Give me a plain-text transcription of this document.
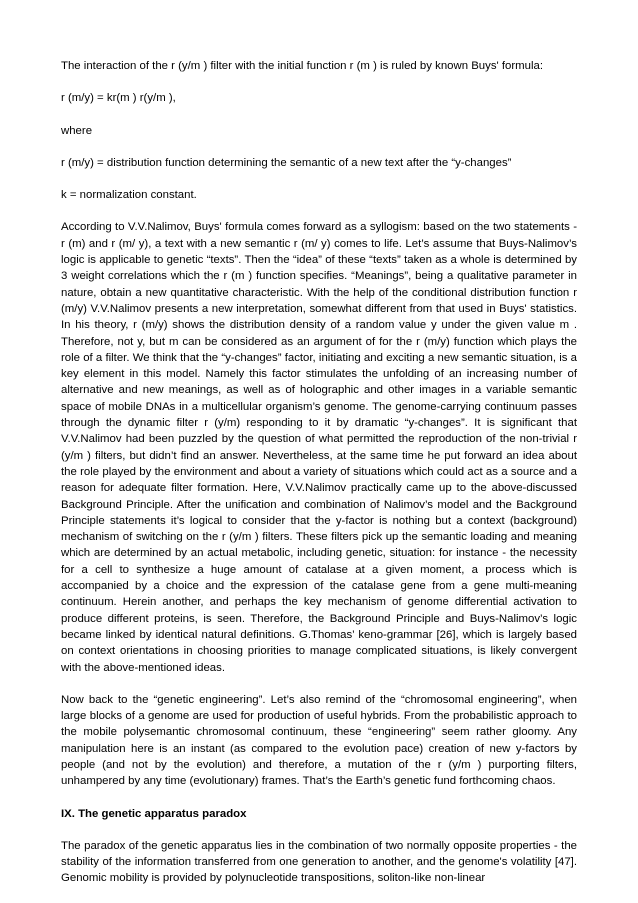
The interaction of the r (y/m ) filter with the initial function r (m ) is ruled by known Buys' formula:

r (m/y) = kr(m ) r(y/m ),

where

r (m/y) = distribution function determining the semantic of a new text after the “y-changes”

k = normalization constant.

According to V.V.Nalimov, Buys' formula comes forward as a syllogism: based on the two statements -
r (m) and r (m/ y), a text with a new semantic r (m/ y) comes to life. Let’s assume that Buys-Nalimov’s logic is applicable to genetic “texts”. Then the “idea” of these “texts” taken as a whole is determined by 3 weight correlations which the r (m ) function specifies. “Meanings”, being a qualitative parameter in nature, obtain a new quantitative characteristic. With the help of the conditional distribution function r (m/y) V.V.Nalimov presents a new interpretation, somewhat different from that used in Buys' statistics. In his theory, r (m/y) shows the distribution density of a random value y under the given value m . Therefore, not y, but m can be considered as an argument of for the r (m/y) function which plays the role of a filter. We think that the “y-changes” factor, initiating and exciting a new semantic situation, is a key element in this model. Namely this factor stimulates the unfolding of an increasing number of alternative and new meanings, as well as of holographic and other images in a variable semantic space of mobile DNAs in a multicellular organism’s genome. The genome-carrying continuum passes through the dynamic filter r (y/m) responding to it by dramatic “y-changes”. It is significant that V.V.Nalimov had been puzzled by the question of what permitted the reproduction of the non-trivial r (y/m ) filters, but didn’t find an answer. Nevertheless, at the same time he put forward an idea about the role played by the environment and about a variety of situations which could act as a source and a reason for adequate filter formation. Here, V.V.Nalimov practically came up to the above-discussed Background Principle. After the unification and combination of Nalimov’s model and the Background Principle statements it’s logical to consider that the y-factor is nothing but a context (background) mechanism of switching on the r (y/m ) filters. These filters pick up the semantic loading and meaning which are determined by an actual metabolic, including genetic, situation: for instance - the necessity for a cell to synthesize a huge amount of catalase at a given moment, a process which is accompanied by a choice and the expression of the catalase gene from a gene multi-meaning continuum. Herein another, and perhaps the key mechanism of genome differential activation to produce different proteins, is seen. Therefore, the Background Principle and Buys-Nalimov’s logic became linked by identical natural definitions. G.Thomas’ keno-grammar [26], which is largely based on context orientations in choosing priorities to manage complicated situations, is likely convergent with the above-mentioned ideas.

Now back to the “genetic engineering”. Let’s also remind of the “chromosomal engineering”, when large blocks of a genome are used for production of useful hybrids. From the probabilistic approach to the mobile polysemantic chromosomal continuum, these “engineering” seem rather gloomy. Any manipulation here is an instant (as compared to the evolution pace) creation of new y-factors by people (and not by the evolution) and therefore, a mutation of the r (y/m ) purporting filters, unhampered by any time (evolutionary) frames. That’s the Earth’s genetic fund forthcoming chaos.

IX. The genetic apparatus paradox

The paradox of the genetic apparatus lies in the combination of two normally opposite properties - the stability of the information transferred from one generation to another, and the genome's volatility [47]. Genomic mobility is provided by polynucleotide transpositions, soliton-like non-linear
